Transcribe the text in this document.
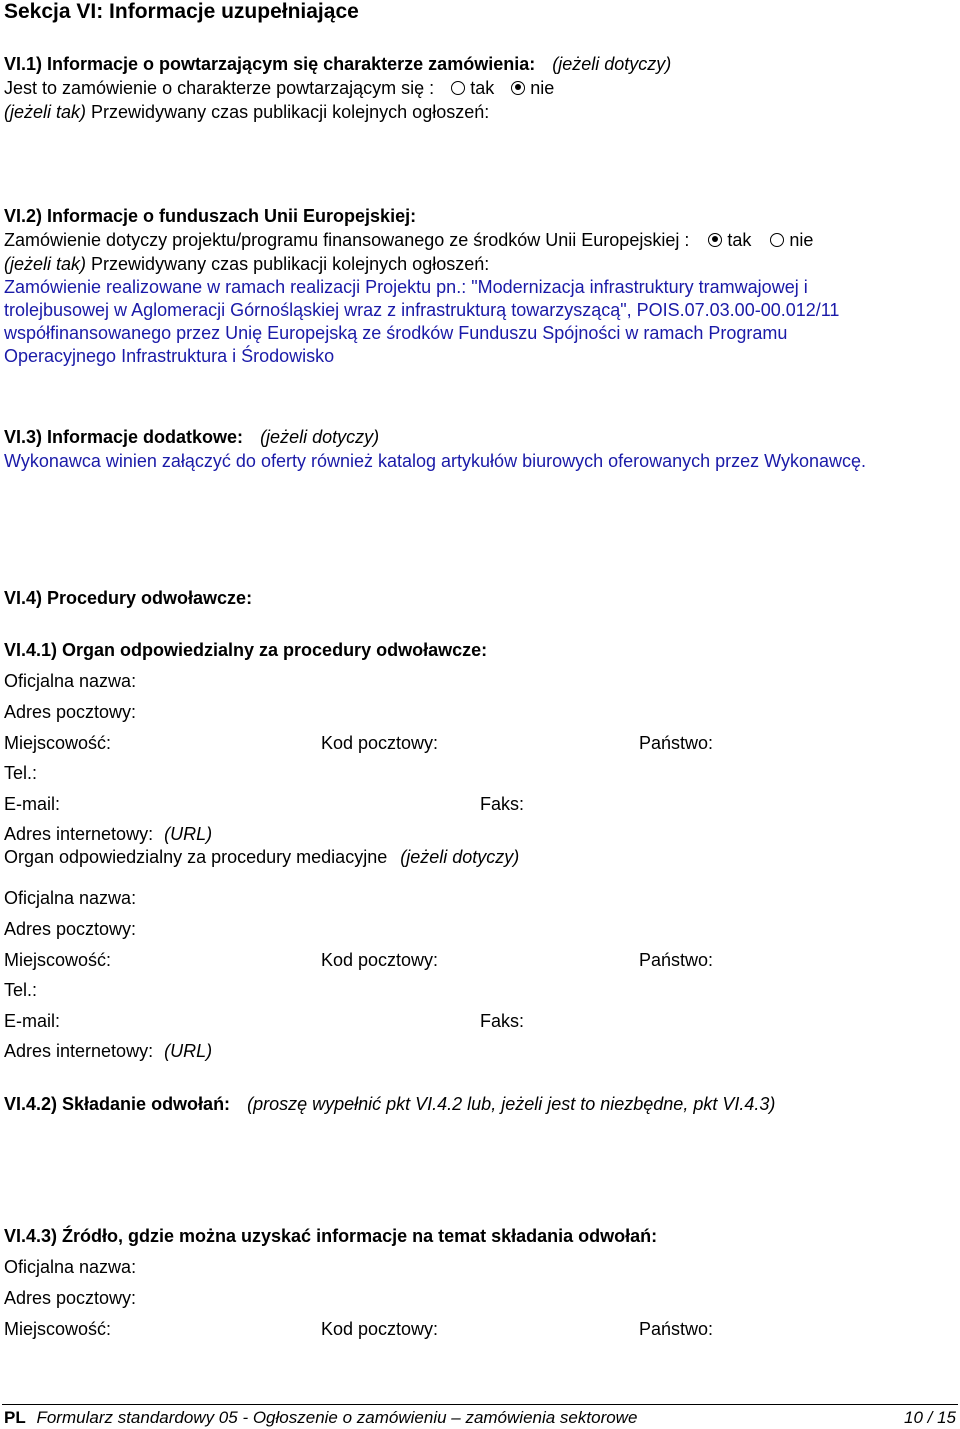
Sekcja VI: Informacje uzupełniające
VI.1) Informacje o powtarzającym się charakterze zamówienia: (jeżeli dotyczy)
Jest to zamówienie o charakterze powtarzającym się : tak nie
(jeżeli tak) Przewidywany czas publikacji kolejnych ogłoszeń:
VI.2) Informacje o funduszach Unii Europejskiej:
Zamówienie dotyczy projektu/programu finansowanego ze środków Unii Europejskiej : tak nie
(jeżeli tak) Przewidywany czas publikacji kolejnych ogłoszeń:
Zamówienie realizowane w ramach realizacji Projektu pn.: "Modernizacja infrastruktury tramwajowej i
trolejbusowej w Aglomeracji Górnośląskiej wraz z infrastrukturą towarzyszącą", POIS.07.03.00-00.012/11
współfinansowanego przez Unię Europejską ze środków Funduszu Spójności w ramach Programu
Operacyjnego Infrastruktura i Środowisko
VI.3) Informacje dodatkowe: (jeżeli dotyczy)
Wykonawca winien załączyć do oferty również katalog artykułów biurowych oferowanych przez Wykonawcę.
VI.4) Procedury odwoławcze:
VI.4.1) Organ odpowiedzialny za procedury odwoławcze:
Oficjalna nazwa:
Adres pocztowy:
Miejscowość:	Kod pocztowy:	Państwo:
Tel.:
E-mail:	Faks:
Adres internetowy: (URL)
Organ odpowiedzialny za procedury mediacyjne (jeżeli dotyczy)
Oficjalna nazwa:
Adres pocztowy:
Miejscowość:	Kod pocztowy:	Państwo:
Tel.:
E-mail:	Faks:
Adres internetowy: (URL)
VI.4.2) Składanie odwołań: (proszę wypełnić pkt VI.4.2 lub, jeżeli jest to niezbędne, pkt VI.4.3)
VI.4.3) Źródło, gdzie można uzyskać informacje na temat składania odwołań:
Oficjalna nazwa:
Adres pocztowy:
Miejscowość:	Kod pocztowy:	Państwo:
PL Formularz standardowy 05 - Ogłoszenie o zamówieniu – zamówienia sektorowe	10 / 15
